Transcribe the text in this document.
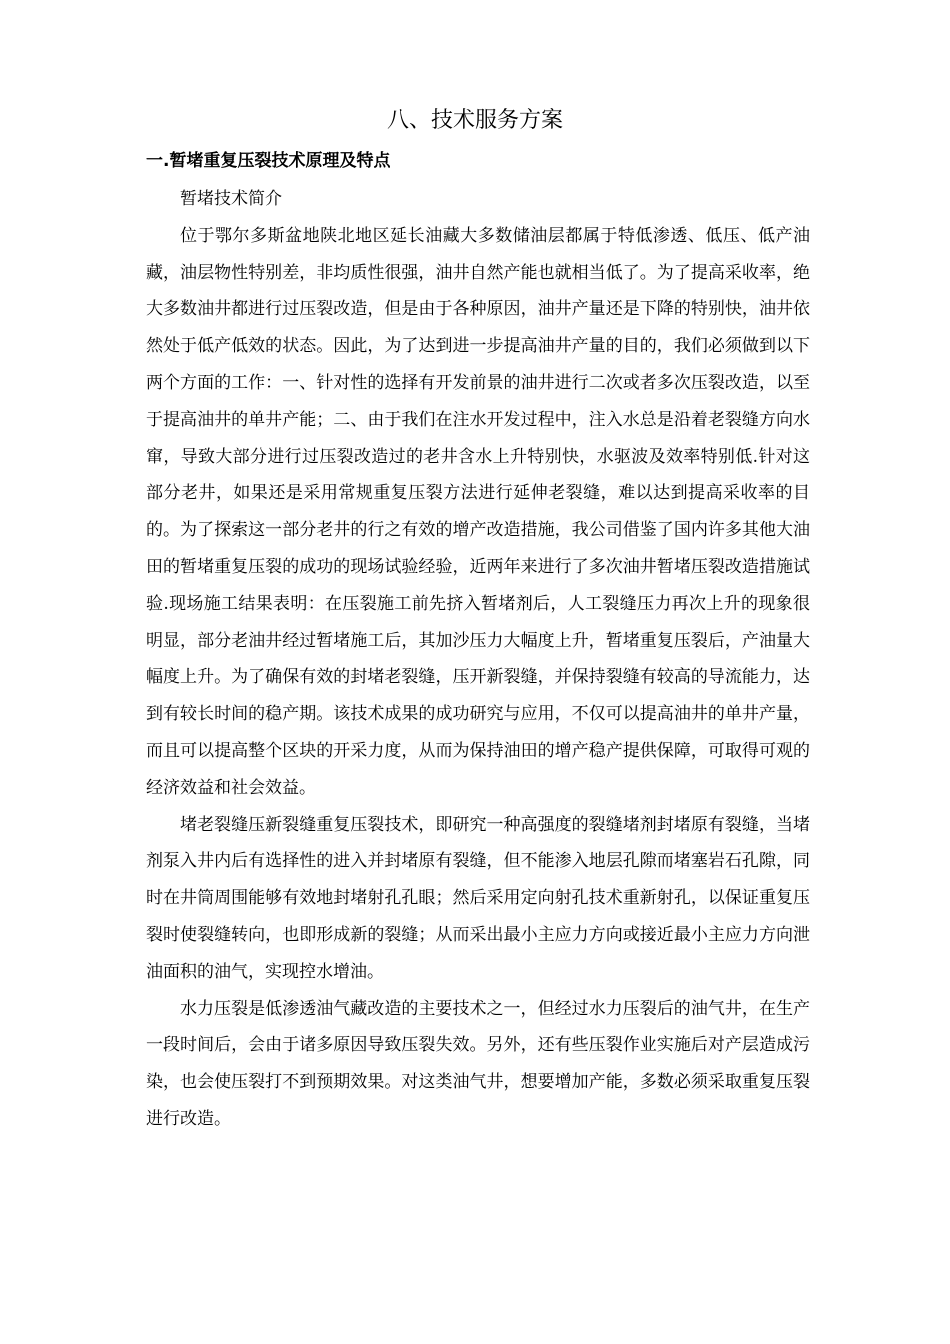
八、技术服务方案
一.暂堵重复压裂技术原理及特点

暂堵技术简介

位于鄂尔多斯盆地陕北地区延长油藏大多数储油层都属于特低渗透、低压、低产油藏，油层物性特别差，非均质性很强，油井自然产能也就相当低了。为了提高采收率，绝大多数油井都进行过压裂改造，但是由于各种原因，油井产量还是下降的特别快，油井依然处于低产低效的状态。因此，为了达到进一步提高油井产量的目的，我们必须做到以下两个方面的工作：一、针对性的选择有开发前景的油井进行二次或者多次压裂改造，以至于提高油井的单井产能；二、由于我们在注水开发过程中，注入水总是沿着老裂缝方向水窜，导致大部分进行过压裂改造过的老井含水上升特别快，水驱波及效率特别低.针对这部分老井，如果还是采用常规重复压裂方法进行延伸老裂缝，难以达到提高采收率的目的。为了探索这一部分老井的行之有效的增产改造措施，我公司借鉴了国内许多其他大油田的暂堵重复压裂的成功的现场试验经验，近两年来进行了多次油井暂堵压裂改造措施试验.现场施工结果表明：在压裂施工前先挤入暂堵剂后，人工裂缝压力再次上升的现象很明显，部分老油井经过暂堵施工后，其加沙压力大幅度上升，暂堵重复压裂后，产油量大幅度上升。为了确保有效的封堵老裂缝，压开新裂缝，并保持裂缝有较高的导流能力，达到有较长时间的稳产期。该技术成果的成功研究与应用，不仅可以提高油井的单井产量，而且可以提高整个区块的开采力度，从而为保持油田的增产稳产提供保障，可取得可观的经济效益和社会效益。

堵老裂缝压新裂缝重复压裂技术，即研究一种高强度的裂缝堵剂封堵原有裂缝，当堵剂泵入井内后有选择性的进入并封堵原有裂缝，但不能渗入地层孔隙而堵塞岩石孔隙，同时在井筒周围能够有效地封堵射孔孔眼；然后采用定向射孔技术重新射孔，以保证重复压裂时使裂缝转向，也即形成新的裂缝；从而采出最小主应力方向或接近最小主应力方向泄油面积的油气，实现控水增油。

水力压裂是低渗透油气藏改造的主要技术之一，但经过水力压裂后的油气井，在生产一段时间后，会由于诸多原因导致压裂失效。另外，还有些压裂作业实施后对产层造成污染，也会使压裂打不到预期效果。对这类油气井，想要增加产能，多数必须采取重复压裂进行改造。
